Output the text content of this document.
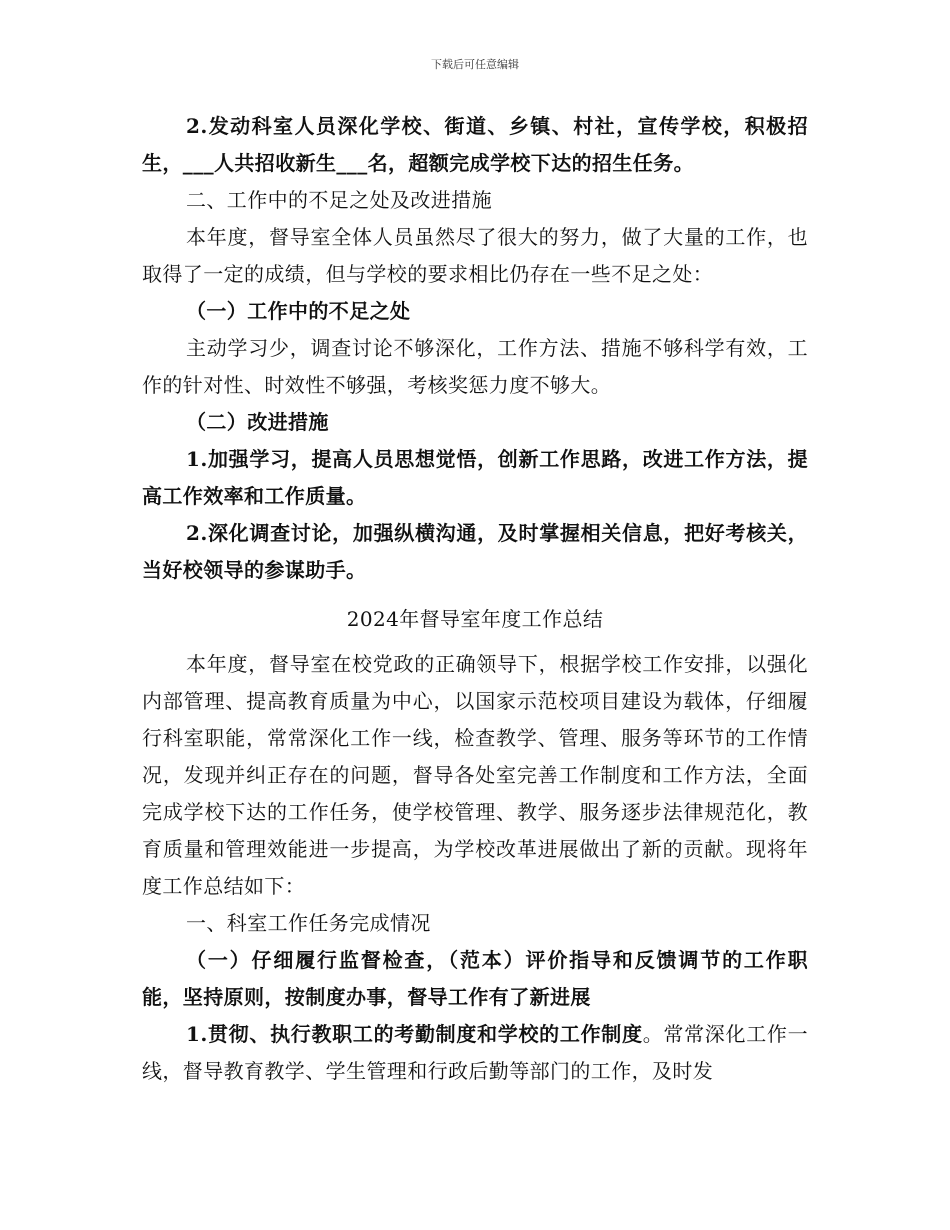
下载后可任意编辑

2.发动科室人员深化学校、街道、乡镇、村社，宣传学校，积极招生，___人共招收新生___名，超额完成学校下达的招生任务。

二、工作中的不足之处及改进措施

本年度，督导室全体人员虽然尽了很大的努力，做了大量的工作，也取得了一定的成绩，但与学校的要求相比仍存在一些不足之处：

（一）工作中的不足之处

主动学习少，调查讨论不够深化，工作方法、措施不够科学有效，工作的针对性、时效性不够强，考核奖惩力度不够大。

（二）改进措施

1.加强学习，提高人员思想觉悟，创新工作思路，改进工作方法，提高工作效率和工作质量。

2.深化调查讨论，加强纵横沟通，及时掌握相关信息，把好考核关，当好校领导的参谋助手。

2024年督导室年度工作总结

本年度，督导室在校党政的正确领导下，根据学校工作安排，以强化内部管理、提高教育质量为中心，以国家示范校项目建设为载体，仔细履行科室职能，常常深化工作一线，检查教学、管理、服务等环节的工作情况，发现并纠正存在的问题，督导各处室完善工作制度和工作方法，全面完成学校下达的工作任务，使学校管理、教学、服务逐步法律规范化，教育质量和管理效能进一步提高，为学校改革进展做出了新的贡献。现将年度工作总结如下：

一、科室工作任务完成情况

（一）仔细履行监督检查，（范本）评价指导和反馈调节的工作职能，坚持原则，按制度办事，督导工作有了新进展

1.贯彻、执行教职工的考勤制度和学校的工作制度。常常深化工作一线，督导教育教学、学生管理和行政后勤等部门的工作，及时发
